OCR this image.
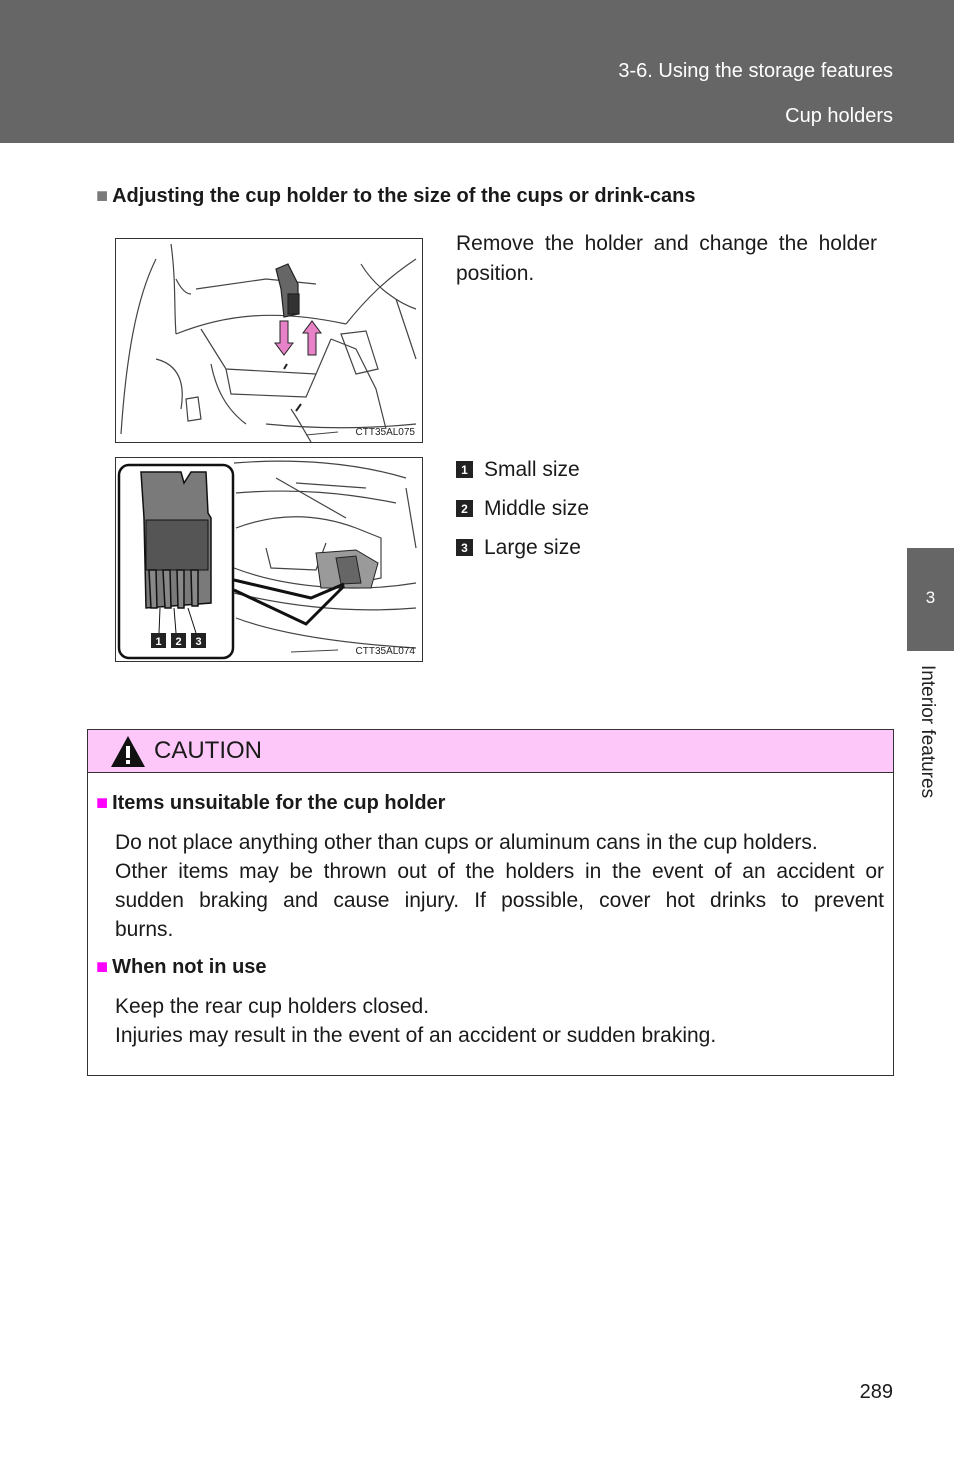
3-6. Using the storage features
Cup holders
■ Adjusting the cup holder to the size of the cups or drink-cans
CTT35AL075
1 2 3
CTT35AL074
Remove the holder and change the holder position.
1 Small size
2 Middle size
3 Large size
CAUTION
■ Items unsuitable for the cup holder
Do not place anything other than cups or aluminum cans in the cup holders.
Other items may be thrown out of the holders in the event of an accident or
sudden braking and cause injury. If possible, cover hot drinks to prevent
burns.
■ When not in use
Keep the rear cup holders closed.
Injuries may result in the event of an accident or sudden braking.
3
Interior features
289
